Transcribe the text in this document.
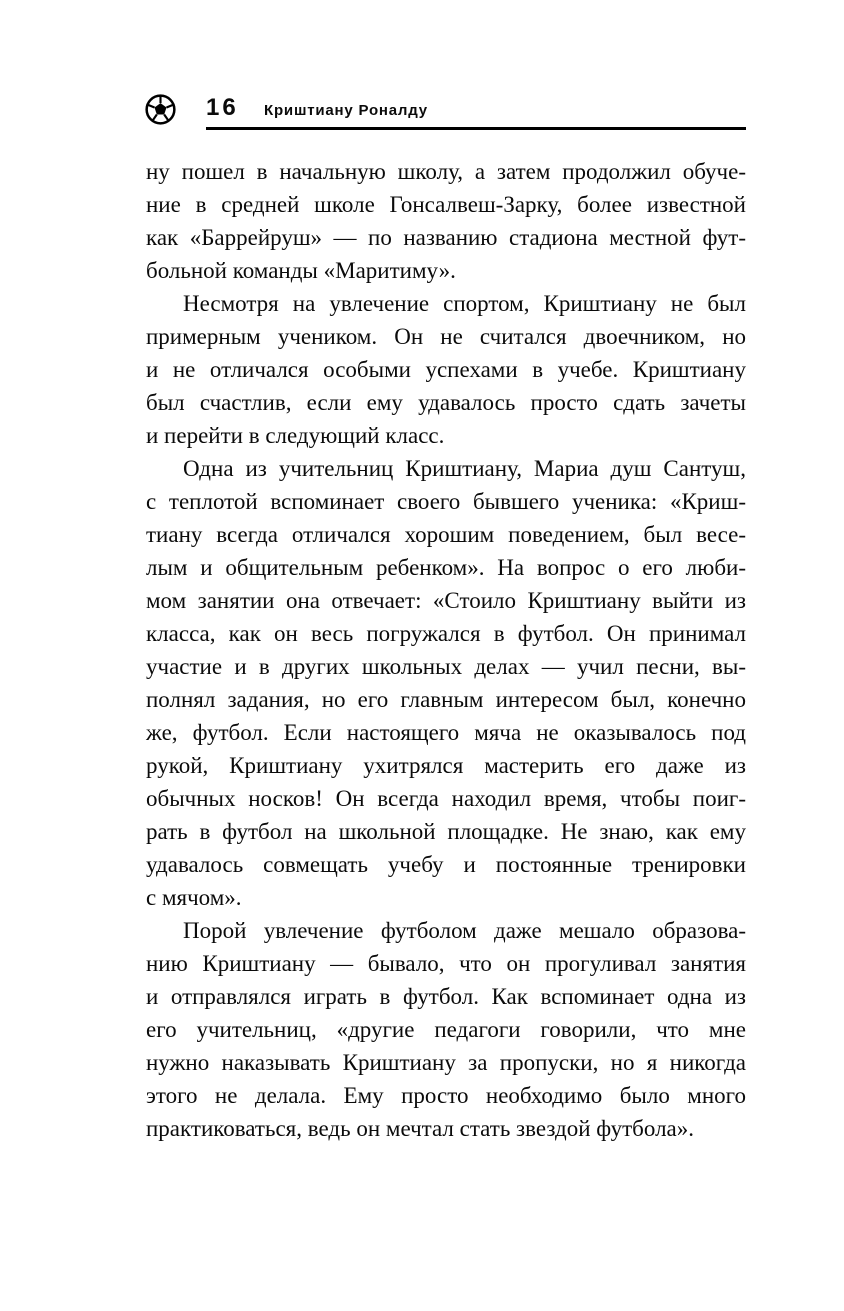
16 Криштиану Роналду
ну пошел в начальную школу, а затем продолжил обуче-
ние в средней школе Гонсалвеш-Зарку, более известной
как «Баррейруш» — по названию стадиона местной фут-
больной команды «Маритиму».
Несмотря на увлечение спортом, Криштиану не был
примерным учеником. Он не считался двоечником, но
и не отличался особыми успехами в учебе. Криштиану
был счастлив, если ему удавалось просто сдать зачеты
и перейти в следующий класс.
Одна из учительниц Криштиану, Мариа душ Сантуш,
с теплотой вспоминает своего бывшего ученика: «Криш-
тиану всегда отличался хорошим поведением, был весе-
лым и общительным ребенком». На вопрос о его люби-
мом занятии она отвечает: «Стоило Криштиану выйти из
класса, как он весь погружался в футбол. Он принимал
участие и в других школьных делах — учил песни, вы-
полнял задания, но его главным интересом был, конечно
же, футбол. Если настоящего мяча не оказывалось под
рукой, Криштиану ухитрялся мастерить его даже из
обычных носков! Он всегда находил время, чтобы поиг-
рать в футбол на школьной площадке. Не знаю, как ему
удавалось совмещать учебу и постоянные тренировки
с мячом».
Порой увлечение футболом даже мешало образова-
нию Криштиану — бывало, что он прогуливал занятия
и отправлялся играть в футбол. Как вспоминает одна из
его учительниц, «другие педагоги говорили, что мне
нужно наказывать Криштиану за пропуски, но я никогда
этого не делала. Ему просто необходимо было много
практиковаться, ведь он мечтал стать звездой футбола».
